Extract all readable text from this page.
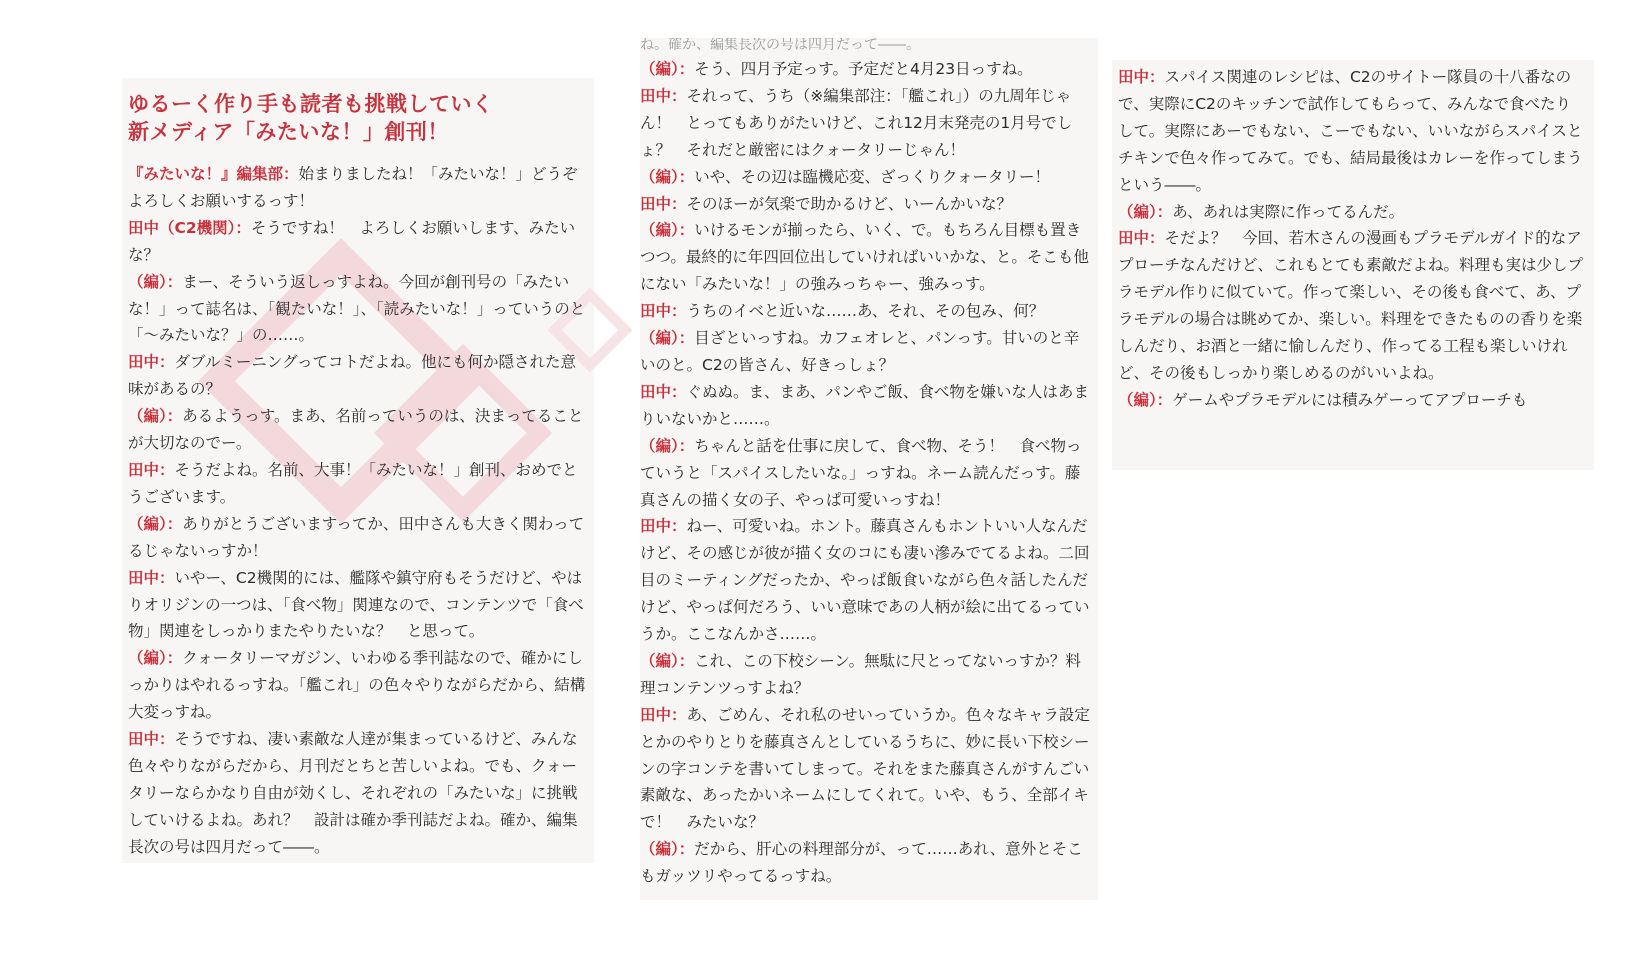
ゆるーく作り手も読者も挑戦していく
新メディア「みたいな！」創刊！
ね。確か、編集長次の号は四月だって――。

『みたいな！』編集部：始まりましたね！「みたいな！」どうぞよろしくお願いするっす！

田中（C2機関）：そうですね！　よろしくお願いします、みたいな？

（編）：まー、そういう返しっすよね。今回が創刊号の「みたいな！」って誌名は、「観たいな！」、「読みたいな！」っていうのと「～みたいな？」の……。

田中：ダブルミーニングってコトだよね。他にも何か隠された意味があるの？

（編）：あるようっす。まあ、名前っていうのは、決まってることが大切なのでー。

田中：そうだよね。名前、大事！「みたいな！」創刊、おめでとうございます。

（編）：ありがとうございますってか、田中さんも大きく関わってるじゃないっすか！

田中：いやー、C2機関的には、艦隊や鎮守府もそうだけど、やはりオリジンの一つは、「食べ物」関連なので、コンテンツで「食べ物」関連をしっかりまたやりたいな？　と思って。

（編）：クォータリーマガジン、いわゆる季刊誌なので、確かにしっかりはやれるっすね。「艦これ」の色々やりながらだから、結構大変っすね。

田中：そうですね、凄い素敵な人達が集まっているけど、みんな色々やりながらだから、月刊だとちと苦しいよね。でも、クォータリーならかなり自由が効くし、それぞれの「みたいな」に挑戦していけるよね。あれ？　設計は確か季刊誌だよね。確か、編集長次の号は四月だって――。

（編）：そう、四月予定っす。予定だと4月23日っすね。

田中：それって、うち（※編集部注：「艦これ」）の九周年じゃん！　とってもありがたいけど、これ12月末発売の1月号でしょ？　それだと厳密にはクォータリーじゃん！

（編）：いや、その辺は臨機応変、ざっくりクォータリー！

田中：そのほーが気楽で助かるけど、いーんかいな？

（編）：いけるモンが揃ったら、いく、で。もちろん目標も置きつつ。最終的に年四回位出していければいいかな、と。そこも他にない「みたいな！」の強みっちゃー、強みっす。

田中：うちのイベと近いな……あ、それ、その包み、何？

（編）：目ざといっすね。カフェオレと、パンっす。甘いのと辛いのと。C2の皆さん、好きっしょ？

田中：ぐぬぬ。ま、まあ、パンやご飯、食べ物を嫌いな人はあまりいないかと……。

（編）：ちゃんと話を仕事に戻して、食べ物、そう！　食べ物っていうと「スパイスしたいな。」っすね。ネーム読んだっす。藤真さんの描く女の子、やっぱ可愛いっすね！

田中：ねー、可愛いね。ホント。藤真さんもホントいい人なんだけど、その感じが彼が描く女のコにも凄い滲みでてるよね。二回目のミーティングだったか、やっぱ飯食いながら色々話したんだけど、やっぱ何だろう、いい意味であの人柄が絵に出てるっていうか。ここなんかさ……。

（編）：これ、この下校シーン。無駄に尺とってないっすか？料理コンテンツっすよね？

田中：あ、ごめん、それ私のせいっていうか。色々なキャラ設定とかのやりとりを藤真さんとしているうちに、妙に長い下校シーンの字コンテを書いてしまって。それをまた藤真さんがすんごい素敵な、あったかいネームにしてくれて。いや、もう、全部イキで！　みたいな？

（編）：だから、肝心の料理部分が、って……あれ、意外とそこもガッツリやってるっすね。

田中：スパイス関連のレシピは、C2のサイトー隊員の十八番なので、実際にC2のキッチンで試作してもらって、みんなで食べたりして。実際にあーでもない、こーでもない、いいながらスパイスとチキンで色々作ってみて。でも、結局最後はカレーを作ってしまうという――。

（編）：あ、あれは実際に作ってるんだ。

田中：そだよ？　今回、若木さんの漫画もプラモデルガイド的なアプローチなんだけど、これもとても素敵だよね。料理も実は少しプラモデル作りに似ていて。作って楽しい、その後も食べて、あ、プラモデルの場合は眺めてか、楽しい。料理をできたものの香りを楽しんだり、お酒と一緒に愉しんだり、作ってる工程も楽しいけれど、その後もしっかり楽しめるのがいいよね。

（編）：ゲームやプラモデルには積みゲーってアプローチも
